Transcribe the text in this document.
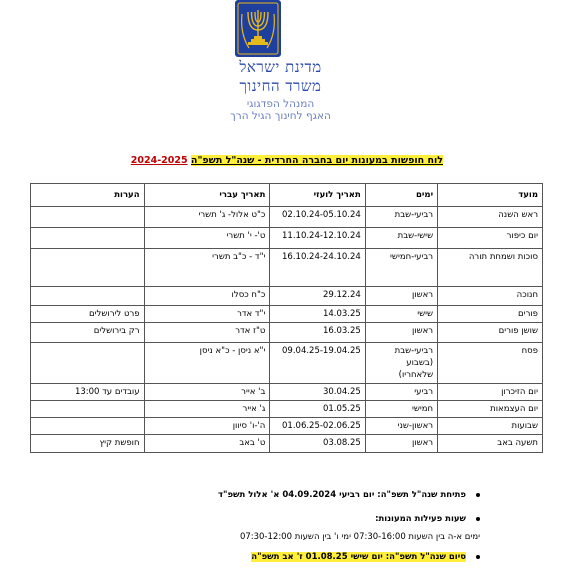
מדינת ישראל
משרד החינוך
המנהל הפדגוגי
האגף לחינוך הגיל הרך
לוח חופשות במעונות יום בחברה החרדית - שנה"ל תשפ"ה 2024-2025
מועד	ימים	תאריך לועזי	תאריך עברי	הערות
ראש השנה	רביעי-שבת	02.10.24-05.10.24	כ"ט אלול- ג' תשרי	
יום כיפור	שישי-שבת	11.10.24-12.10.24	ט'- י' תשרי	
סוכות ושמחת תורה	רביעי-חמישי	16.10.24-24.10.24	י"ד - כ"ב תשרי	
חנוכה	ראשון	29.12.24	כ"ח כסלו	
פורים	שישי	14.03.25	י"ד אדר	פרט לירושלים
שושן פורים	ראשון	16.03.25	ט"ז אדר	רק בירושלים
פסח	רביעי-שבת (בשבוע שלאחריו)	09.04.25-19.04.25	י"א ניסן - כ"א ניסן	
יום הזיכרון	רביעי	30.04.25	ב' אייר	עובדים עד 13:00
יום העצמאות	חמישי	01.05.25	ג' אייר	
שבועות	ראשון-שני	01.06.25-02.06.25	ה'-ו' סיוון	
תשעה באב	ראשון	03.08.25	ט' באב	חופשת קיץ
פתיחת שנה"ל תשפ"ה: יום רביעי 04.09.2024 א' אלול תשפ"ד
שעות פעילות המעונות:
ימים א-ה בין השעות 07:30-16:00 ימי ו' בין השעות 07:30-12:00
סיום שנה"ל תשפ"ה: יום שישי 01.08.25 ז' אב תשפ"ה
